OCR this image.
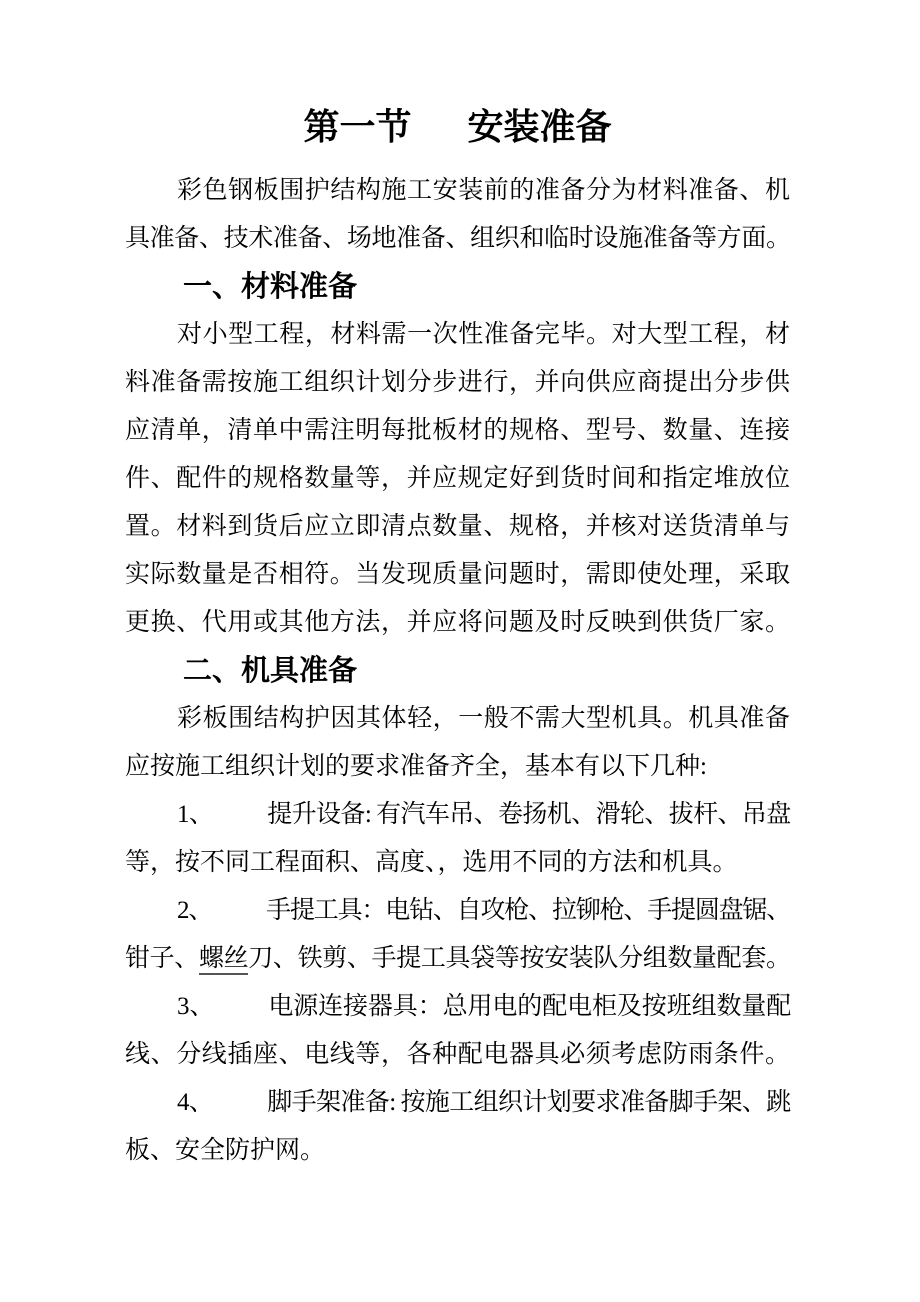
第一节 安装准备
彩色钢板围护结构施工安装前的准备分为材料准备、机
具准备、技术准备、场地准备、组织和临时设施准备等方面。
一、材料准备
对小型工程，材料需一次性准备完毕。对大型工程，材
料准备需按施工组织计划分步进行，并向供应商提出分步供
应清单，清单中需注明每批板材的规格、型号、数量、连接
件、配件的规格数量等，并应规定好到货时间和指定堆放位
置。材料到货后应立即清点数量、规格，并核对送货清单与
实际数量是否相符。当发现质量问题时，需即使处理，采取
更换、代用或其他方法，并应将问题及时反映到供货厂家。
二、机具准备
彩板围结构护因其体轻，一般不需大型机具。机具准备
应按施工组织计划的要求准备齐全，基本有以下几种:
1、 提升设备: 有汽车吊、卷扬机、滑轮、拔杆、吊盘
等，按不同工程面积、高度、，选用不同的方法和机具。
2、 手提工具：电钻、自攻枪、拉铆枪、手提圆盘锯、
钳子、螺丝刀、铁剪、手提工具袋等按安装队分组数量配套。
3、 电源连接器具：总用电的配电柜及按班组数量配
线、分线插座、电线等，各种配电器具必须考虑防雨条件。
4、 脚手架准备: 按施工组织计划要求准备脚手架、跳
板、安全防护网。
